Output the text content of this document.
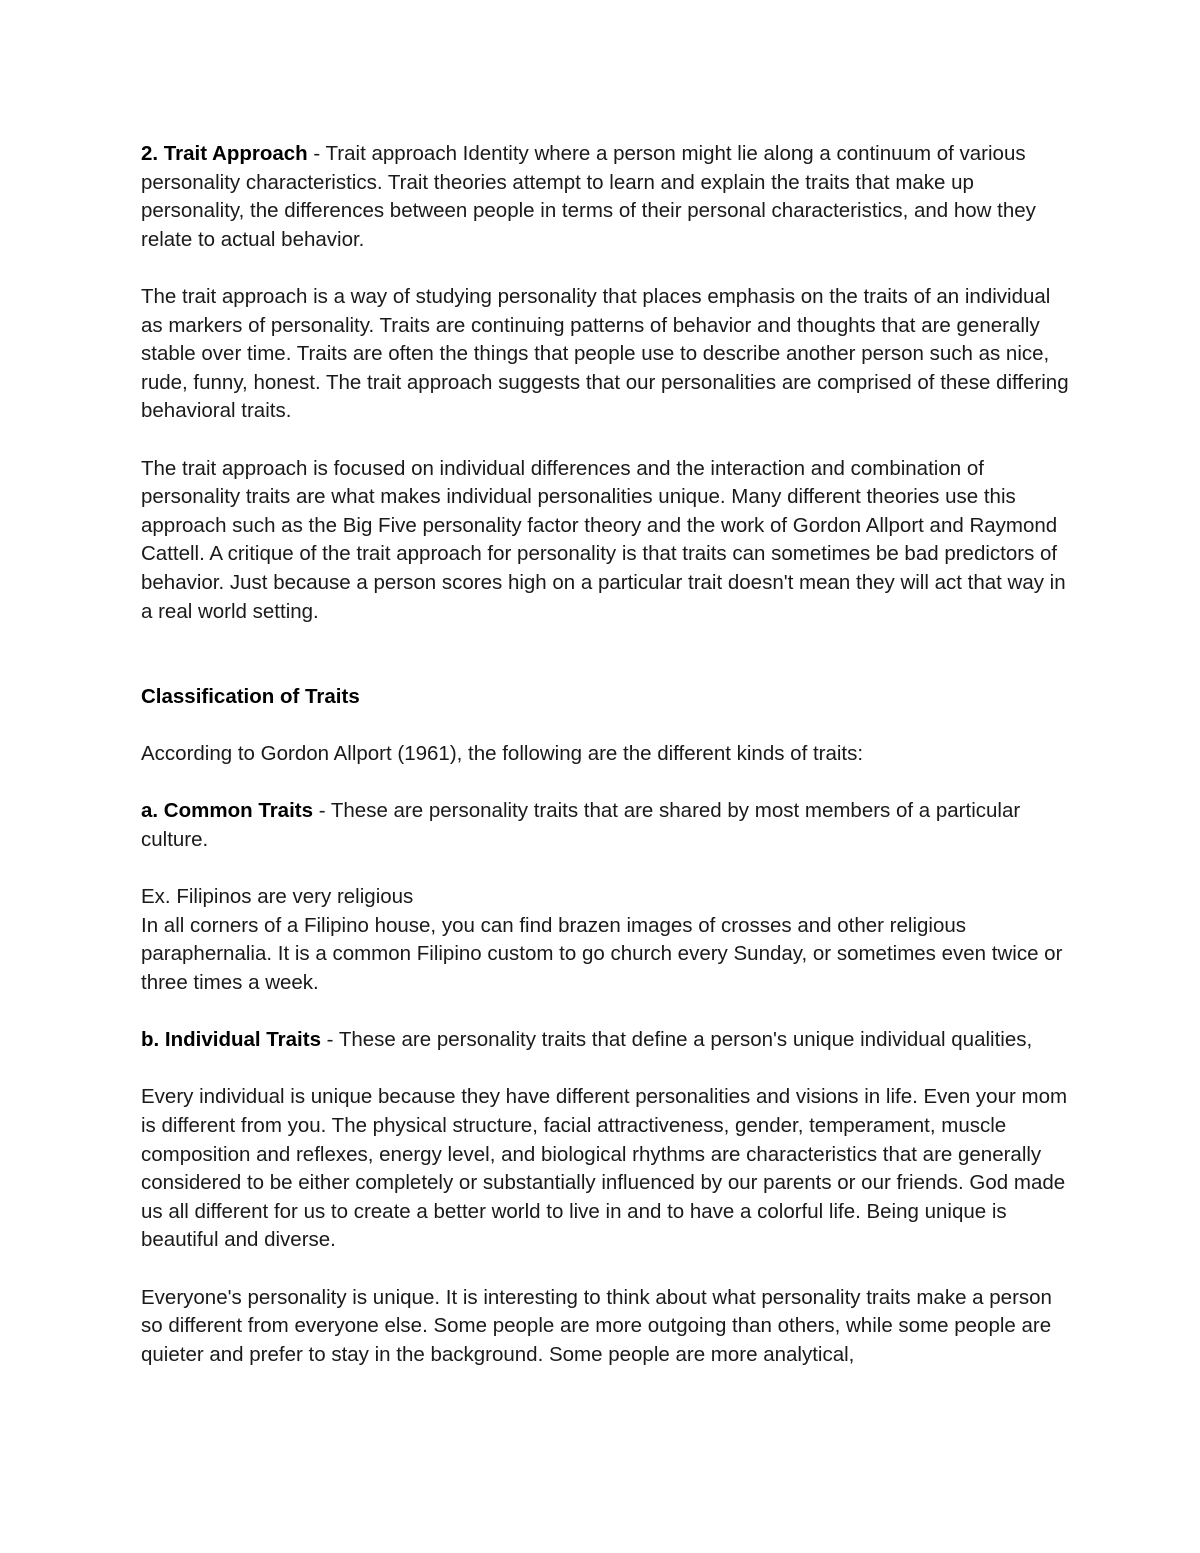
2. Trait Approach - Trait approach Identity where a person might lie along a continuum of various personality characteristics. Trait theories attempt to learn and explain the traits that make up personality, the differences between people in terms of their personal characteristics, and how they relate to actual behavior.

The trait approach is a way of studying personality that places emphasis on the traits of an individual as markers of personality. Traits are continuing patterns of behavior and thoughts that are generally stable over time. Traits are often the things that people use to describe another person such as nice, rude, funny, honest. The trait approach suggests that our personalities are comprised of these differing behavioral traits.

The trait approach is focused on individual differences and the interaction and combination of personality traits are what makes individual personalities unique. Many different theories use this approach such as the Big Five personality factor theory and the work of Gordon Allport and Raymond Cattell. A critique of the trait approach for personality is that traits can sometimes be bad predictors of behavior. Just because a person scores high on a particular trait doesn't mean they will act that way in a real world setting.

Classification of Traits

According to Gordon Allport (1961), the following are the different kinds of traits:

a. Common Traits - These are personality traits that are shared by most members of a particular culture.

Ex. Filipinos are very religious

In all corners of a Filipino house, you can find brazen images of crosses and other religious paraphernalia. It is a common Filipino custom to go church every Sunday, or sometimes even twice or three times a week.

b. Individual Traits - These are personality traits that define a person's unique individual qualities,

Every individual is unique because they have different personalities and visions in life. Even your mom is different from you. The physical structure, facial attractiveness, gender, temperament, muscle composition and reflexes, energy level, and biological rhythms are characteristics that are generally considered to be either completely or substantially influenced by our parents or our friends. God made us all different for us to create a better world to live in and to have a colorful life. Being unique is beautiful and diverse.

Everyone's personality is unique. It is interesting to think about what personality traits make a person so different from everyone else. Some people are more outgoing than others, while some people are quieter and prefer to stay in the background. Some people are more analytical,
